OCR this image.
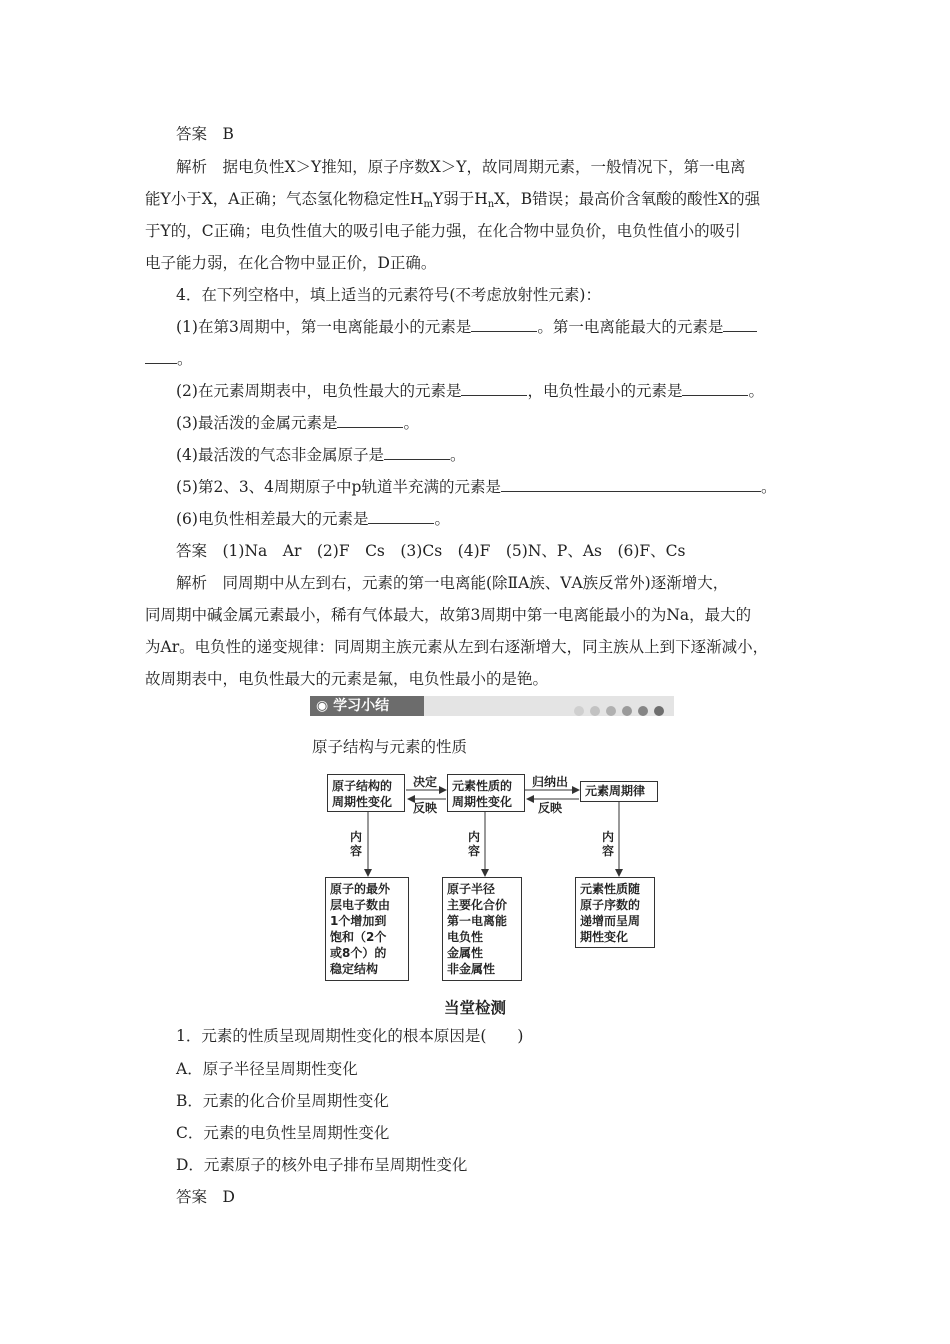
答案　B
解析　据电负性X＞Y推知，原子序数X＞Y，故同周期元素，一般情况下，第一电离
能Y小于X，A正确；气态氢化物稳定性$H_mY$弱于$H_nX$，B错误；最高价含氧酸的酸性X的强
于Y的，C正确；电负性值大的吸引电子能力强，在化合物中显负价，电负性值小的吸引
电子能力弱，在化合物中显正价，D正确。
4．在下列空格中，填上适当的元素符号(不考虑放射性元素)：
(1)在第3周期中，第一电离能最小的元素是	。第一电离能最大的元素是
。
(2)在元素周期表中，电负性最大的元素是	，电负性最小的元素是	。
(3)最活泼的金属元素是	。
(4)最活泼的气态非金属原子是	。
(5)第2、3、4周期原子中p轨道半充满的元素是	。
(6)电负性相差最大的元素是	。
答案　(1)Na　Ar　(2)F　Cs　(3)Cs　(4)F　(5)N、P、As　(6)F、Cs
解析　同周期中从左到右，元素的第一电离能(除ⅡA族、ⅤA族反常外)逐渐增大，
同周期中碱金属元素最小，稀有气体最大，故第3周期中第一电离能最小的为Na，最大的
为Ar。电负性的递变规律：同周期主族元素从左到右逐渐增大，同主族从上到下逐渐减小，
故周期表中，电负性最大的元素是氟，电负性最小的是铯。
◉ 学习小结
原子结构与元素的性质
原子结构的
周期性变化
元素性质的
周期性变化
元素周期律
决定
反映
归纳出
反映
内
容
内
容
内
容
原子的最外
层电子数由
1个增加到
饱和（2个
或8个）的
稳定结构
原子半径
主要化合价
第一电离能
电负性
金属性
非金属性
元素性质随
原子序数的
递增而呈周
期性变化
当堂检测
1．元素的性质呈现周期性变化的根本原因是(　　)
A．原子半径呈周期性变化
B．元素的化合价呈周期性变化
C．元素的电负性呈周期性变化
D．元素原子的核外电子排布呈周期性变化
答案　D
